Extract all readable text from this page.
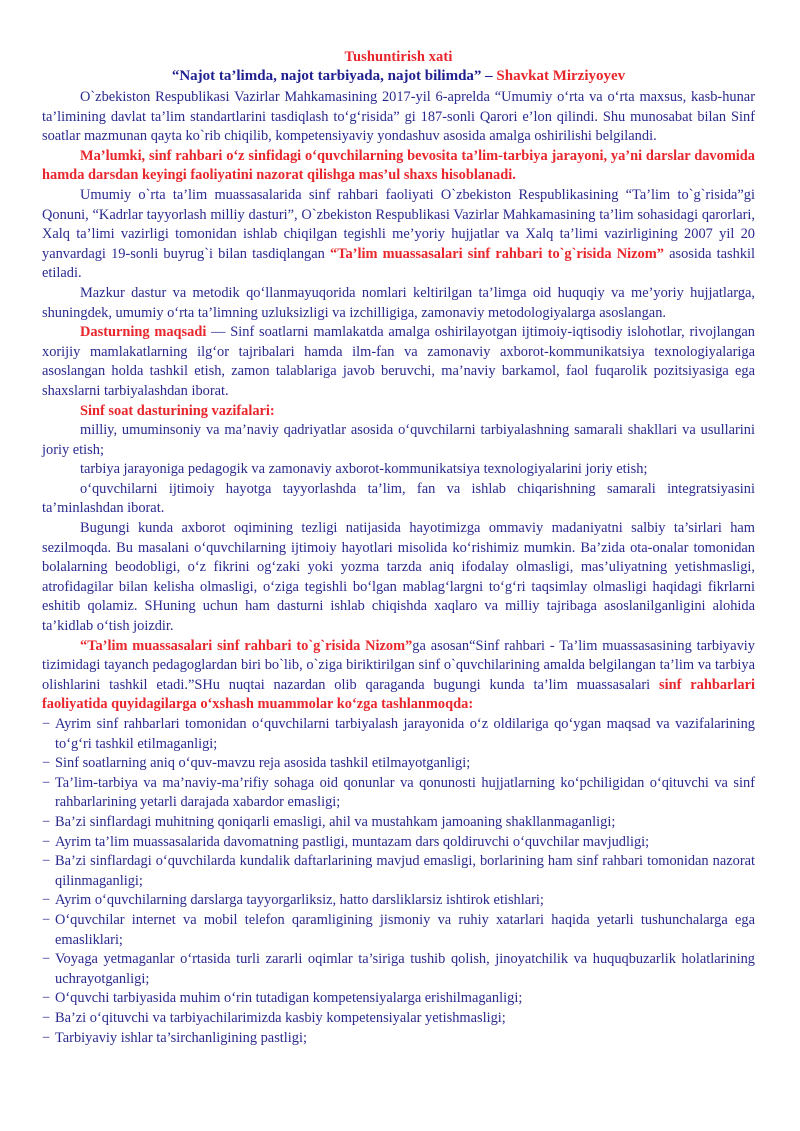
Tushuntirish xati
“Najot ta’limda, najot tarbiyada, najot bilimda” – Shavkat Mirziyoyev

O`zbekiston Respublikasi Vazirlar Mahkamasining 2017-yil 6-aprelda “Umumiy o‘rta va o‘rta maxsus, kasb-hunar ta’limining davlat ta’lim standartlarini tasdiqlash to‘g‘risida” gi 187-sonli Qarori e’lon qilindi. Shu munosabat bilan Sinf soatlar mazmunan qayta ko`rib chiqilib, kompetensiyaviy yondashuv asosida amalga oshirilishi belgilandi.

Ma’lumki, sinf rahbari o‘z sinfidagi o‘quvchilarning bevosita ta’lim-tarbiya jarayoni, ya’ni darslar davomida hamda darsdan keyingi faoliyatini nazorat qilishga mas’ul shaxs hisoblanadi.

Umumiy o`rta ta’lim muassasalarida sinf rahbari faoliyati O`zbekiston Respublikasining “Ta’lim to`g`risida”gi Qonuni, “Kadrlar tayyorlash milliy dasturi”, O`zbekiston Respublikasi Vazirlar Mahkamasining ta’lim sohasidagi qarorlari, Xalq ta’limi vazirligi tomonidan ishlab chiqilgan tegishli me’yoriy hujjatlar va Xalq ta’limi vazirligining 2007 yil 20 yanvardagi 19-sonli buyrug`i bilan tasdiqlangan “Ta’lim muassasalari sinf rahbari to`g`risida Nizom” asosida tashkil etiladi.

Mazkur dastur va metodik qo‘llanmayuqorida nomlari keltirilgan ta’limga oid huquqiy va me’yoriy hujjatlarga, shuningdek, umumiy o‘rta ta’limning uzluksizligi va izchilligiga, zamonaviy metodologiyalarga asoslangan.

Dasturning maqsadi — Sinf soatlarni mamlakatda amalga oshirilayotgan ijtimoiy-iqtisodiy islohotlar, rivojlangan xorijiy mamlakatlarning ilg‘or tajribalari hamda ilm-fan va zamonaviy axborot-kommunikatsiya texnologiyalariga asoslangan holda tashkil etish, zamon talablariga javob beruvchi, ma’naviy barkamol, faol fuqarolik pozitsiyasiga ega shaxslarni tarbiyalashdan iborat.

Sinf soat dasturining vazifalari:

milliy, umuminsoniy va ma’naviy qadriyatlar asosida o‘quvchilarni tarbiyalashning samarali shakllari va usullarini joriy etish;

tarbiya jarayoniga pedagogik va zamonaviy axborot-kommunikatsiya texnologiyalarini joriy etish;

o‘quvchilarni ijtimoiy hayotga tayyorlashda ta’lim, fan va ishlab chiqarishning samarali integratsiyasini ta’minlashdan iborat.

Bugungi kunda axborot oqimining tezligi natijasida hayotimizga ommaviy madaniyatni salbiy ta’sirlari ham sezilmoqda. Bu masalani o‘quvchilarning ijtimoiy hayotlari misolida ko‘rishimiz mumkin. Ba’zida ota-onalar tomonidan bolalarning beodobligi, o‘z fikrini og‘zaki yoki yozma tarzda aniq ifodalay olmasligi, mas’uliyatning yetishmasligi, atrofidagilar bilan kelisha olmasligi, o‘ziga tegishli bo‘lgan mablag‘largni to‘g‘ri taqsimlay olmasligi haqidagi fikrlarni eshitib qolamiz. SHuning uchun ham dasturni ishlab chiqishda xaqlaro va milliy tajribaga asoslanilganligini alohida ta’kidlab o‘tish joizdir.

“Ta’lim muassasalari sinf rahbari to`g`risida Nizom”ga asosan“Sinf rahbari - Ta’lim muassasasining tarbiyaviy tizimidagi tayanch pedagoglardan biri bo`lib, o`ziga biriktirilgan sinf o`quvchilarining amalda belgilangan ta’lim va tarbiya olishlarini tashkil etadi.”SHu nuqtai nazardan olib qaraganda bugungi kunda ta’lim muassasalari sinf rahbarlari faoliyatida quyidagilarga o‘xshash muammolar ko‘zga tashlanmoqda:

− Ayrim sinf rahbarlari tomonidan o‘quvchilarni tarbiyalash jarayonida o‘z oldilariga qo‘ygan maqsad va vazifalarining to‘g‘ri tashkil etilmaganligi;
− Sinf soatlarning aniq o‘quv-mavzu reja asosida tashkil etilmayotganligi;
− Ta’lim-tarbiya va ma’naviy-ma’rifiy sohaga oid qonunlar va qonunosti hujjatlarning ko‘pchiligidan o‘qituvchi va sinf rahbarlarining yetarli darajada xabardor emasligi;
− Ba’zi sinflardagi muhitning qoniqarli emasligi, ahil va mustahkam jamoaning shakllanmaganligi;
− Ayrim ta’lim muassasalarida davomatning pastligi, muntazam dars qoldiruvchi o‘quvchilar mavjudligi;
− Ba’zi sinflardagi o‘quvchilarda kundalik daftarlarining mavjud emasligi, borlarining ham sinf rahbari tomonidan nazorat qilinmaganligi;
− Ayrim o‘quvchilarning darslarga tayyorgarliksiz, hatto darsliklarsiz ishtirok etishlari;
− O‘quvchilar internet va mobil telefon qaramligining jismoniy va ruhiy xatarlari haqida yetarli tushunchalarga ega emasliklari;
− Voyaga yetmaganlar o‘rtasida turli zararli oqimlar ta’siriga tushib qolish, jinoyatchilik va huquqbuzarlik holatlarining uchrayotganligi;
− O‘quvchi tarbiyasida muhim o‘rin tutadigan kompetensiyalarga erishilmaganligi;
− Ba’zi o‘qituvchi va tarbiyachilarimizda kasbiy kompetensiyalar yetishmasligi;
− Tarbiyaviy ishlar ta’sirchanligining pastligi;
